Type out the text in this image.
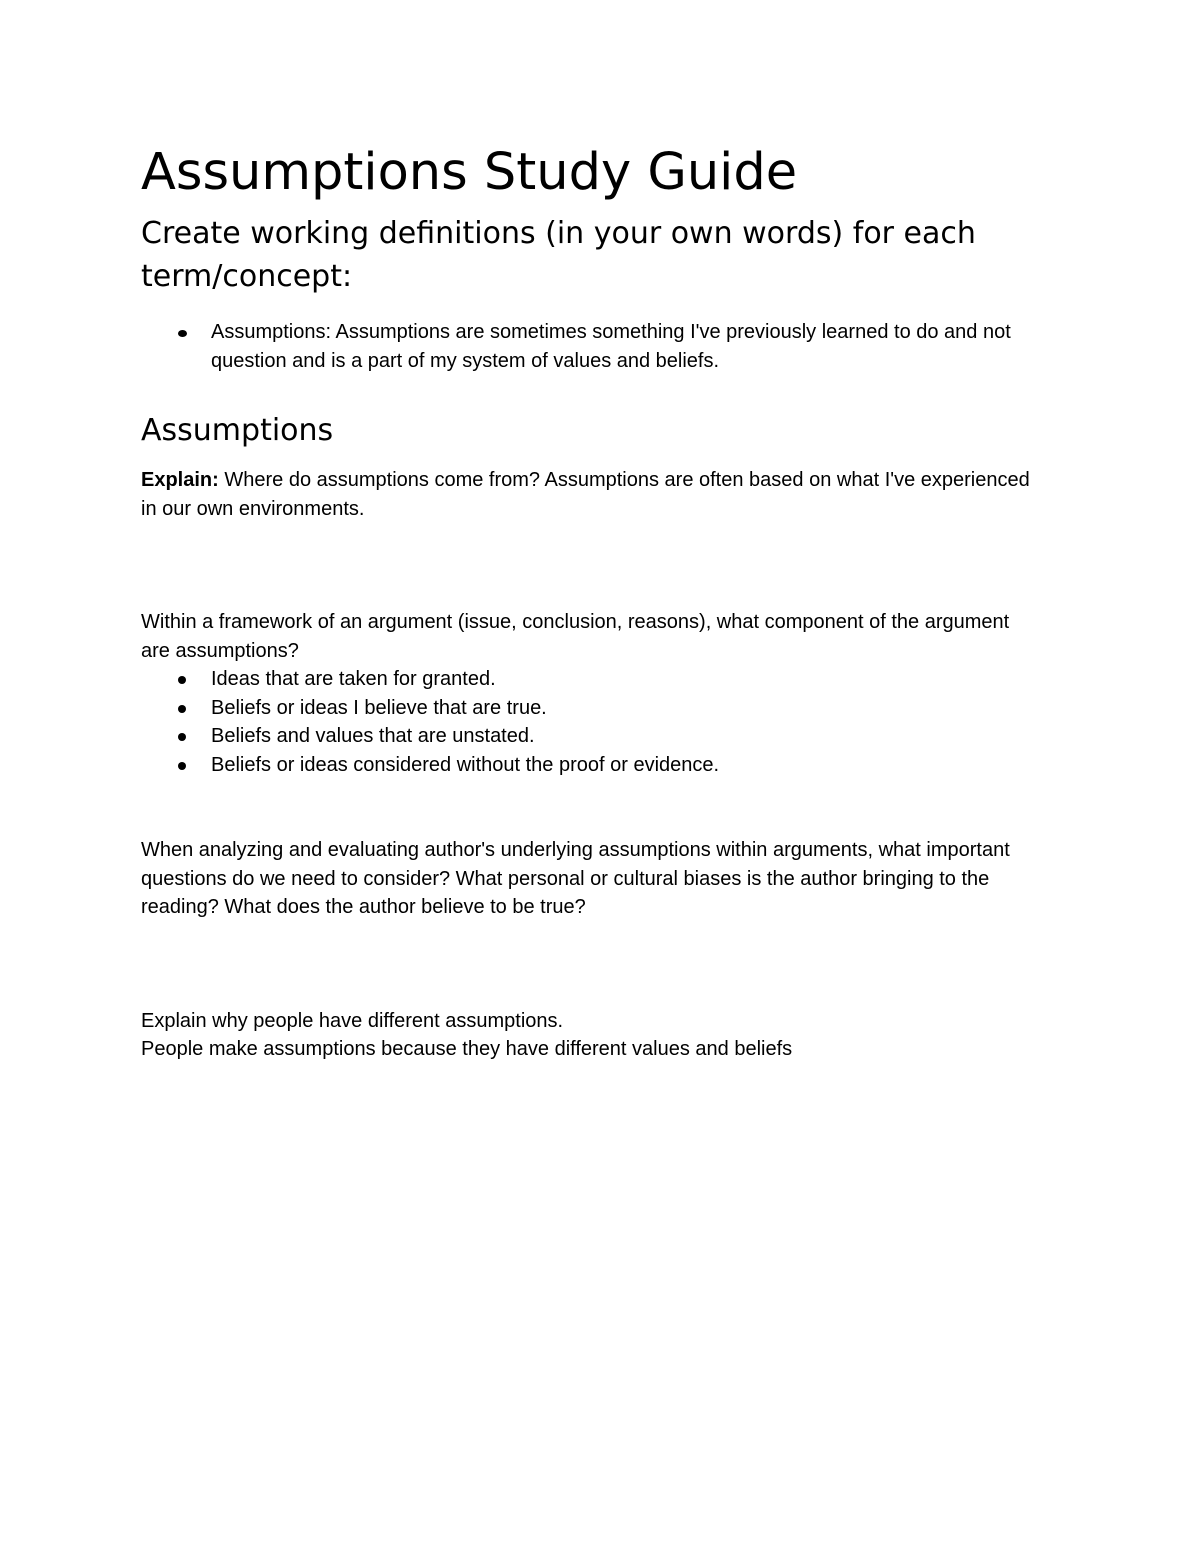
Assumptions Study Guide
Create working definitions (in your own words) for each term/concept:
Assumptions: Assumptions are sometimes something I've previously learned to do and not question and is a part of my system of values and beliefs.
Assumptions

Explain: Where do assumptions come from? Assumptions are often based on what I've experienced in our own environments.

Within a framework of an argument (issue, conclusion, reasons), what component of the argument are assumptions?

Ideas that are taken for granted.
Beliefs or ideas I believe that are true.
Beliefs and values that are unstated.
Beliefs or ideas considered without the proof or evidence.

When analyzing and evaluating author's underlying assumptions within arguments, what important questions do we need to consider? What personal or cultural biases is the author bringing to the reading? What does the author believe to be true?

Explain why people have different assumptions.

People make assumptions because they have different values and beliefs
